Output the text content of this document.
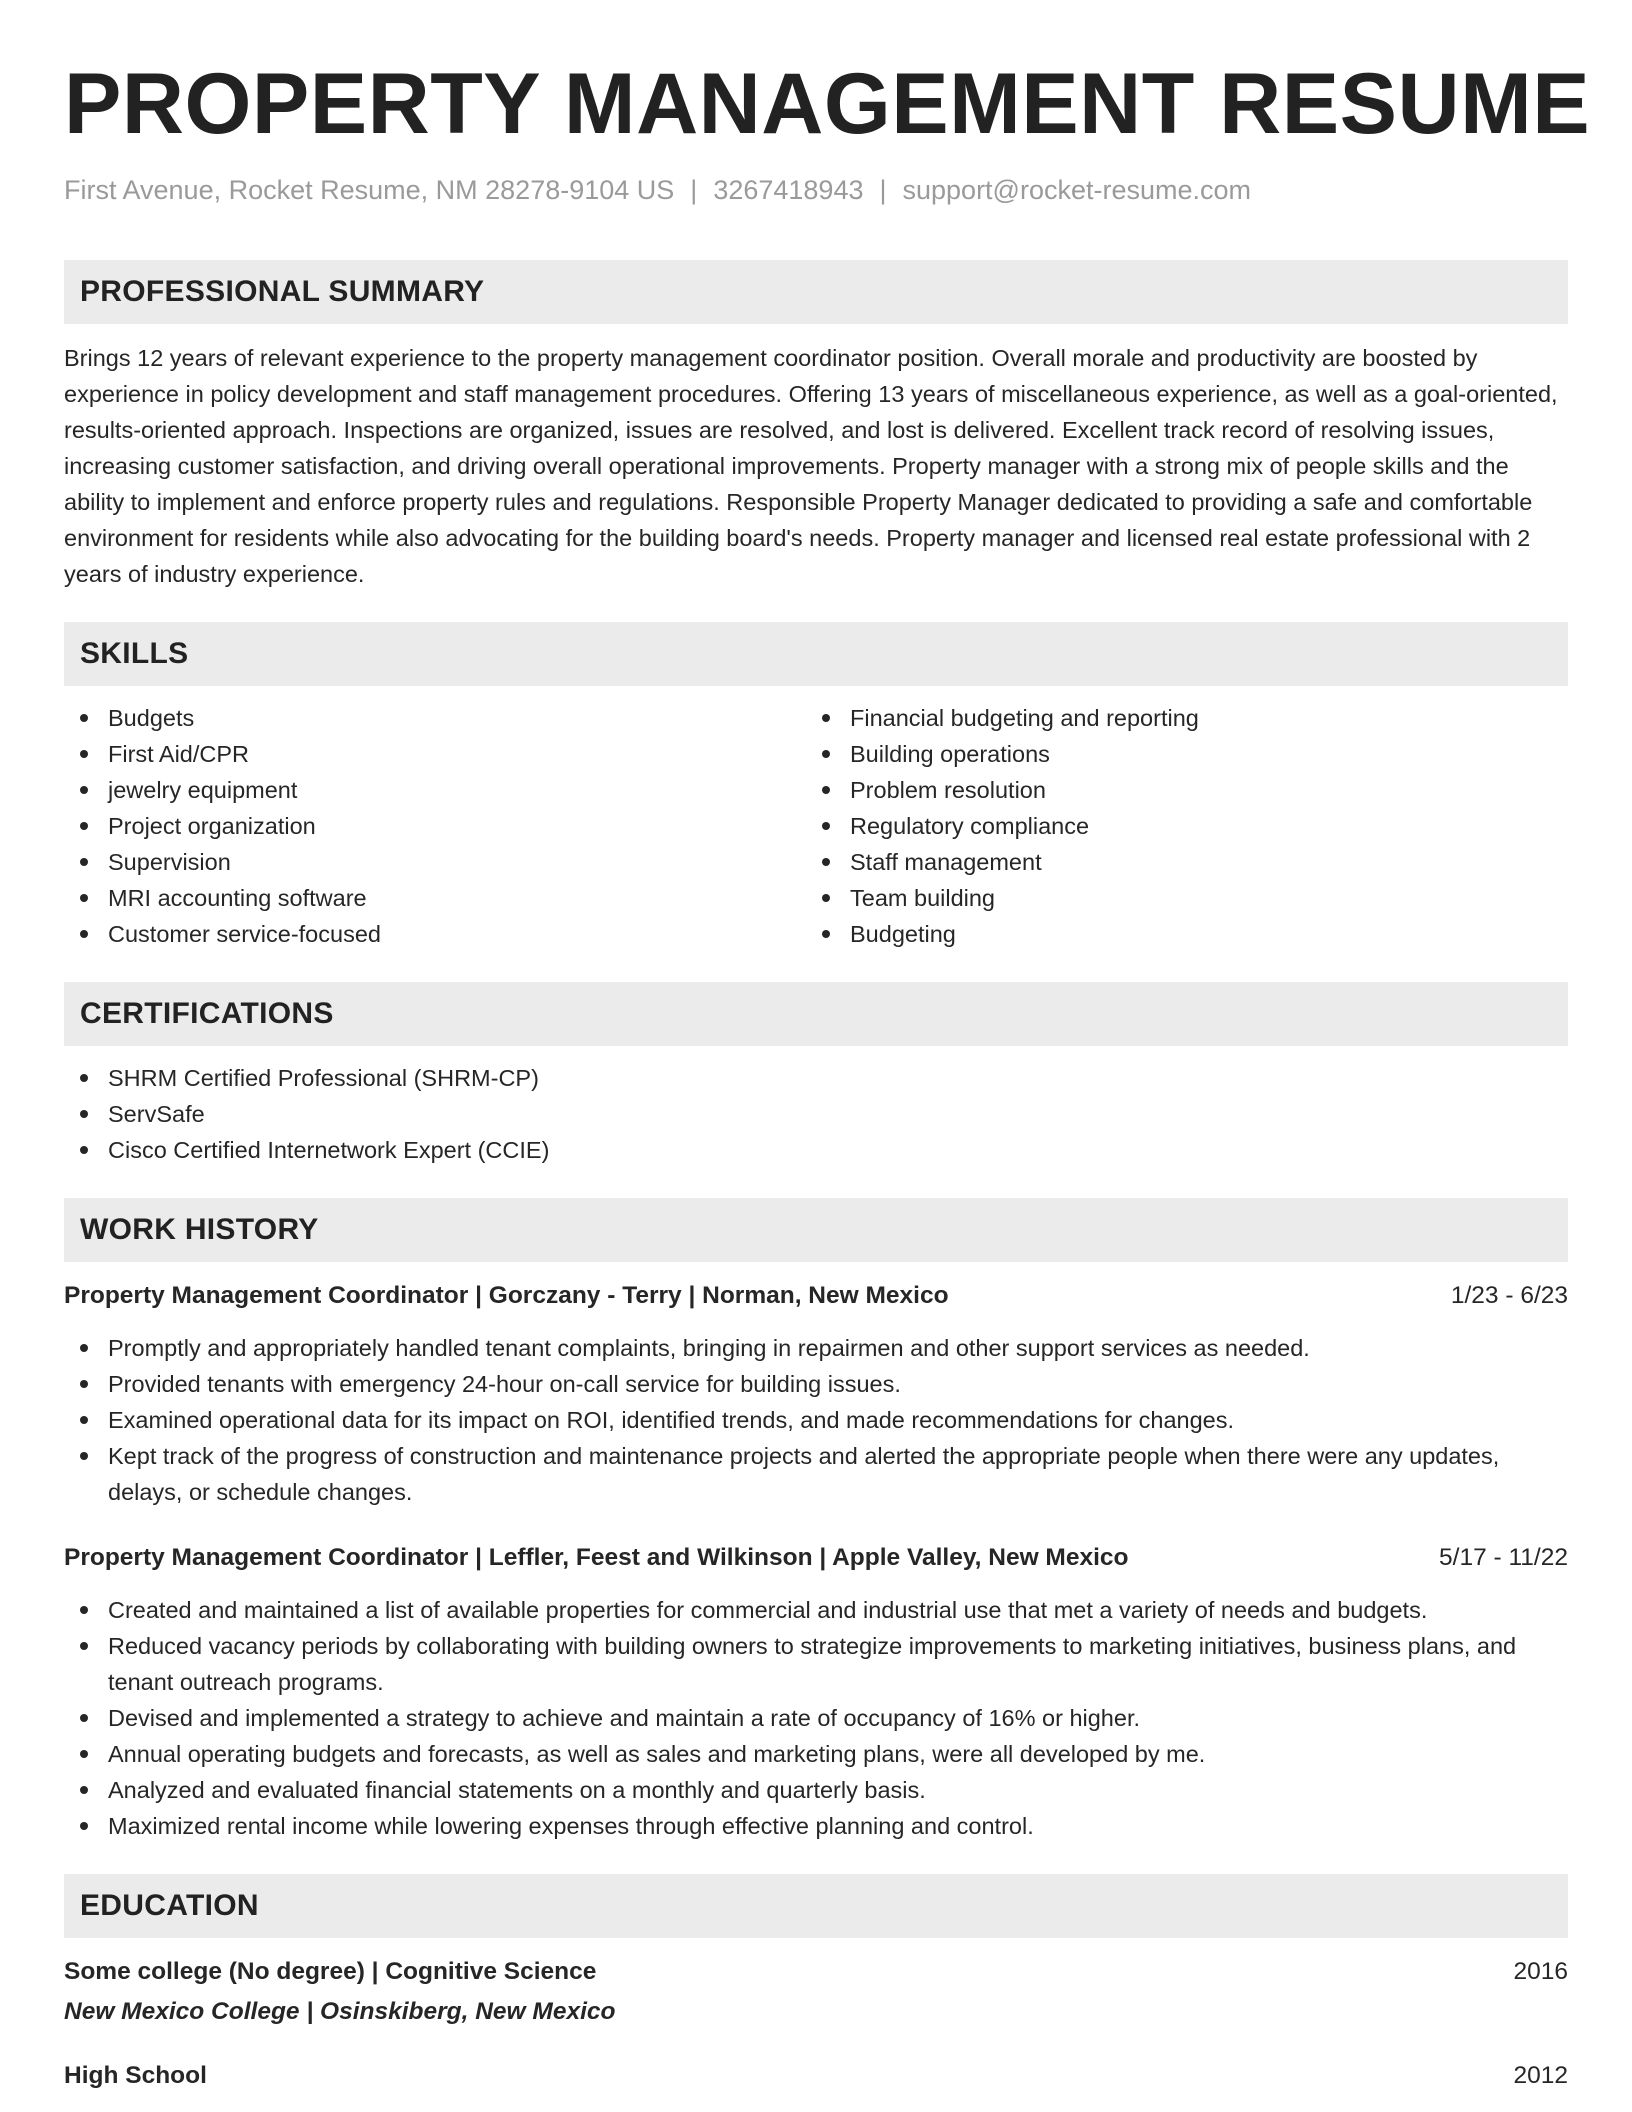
PROPERTY MANAGEMENT RESUME
First Avenue, Rocket Resume, NM 28278-9104 US | 3267418943 | support@rocket-resume.com
PROFESSIONAL SUMMARY

Brings 12 years of relevant experience to the property management coordinator position. Overall morale and productivity are boosted by experience in policy development and staff management procedures. Offering 13 years of miscellaneous experience, as well as a goal-oriented, results-oriented approach. Inspections are organized, issues are resolved, and lost is delivered. Excellent track record of resolving issues, increasing customer satisfaction, and driving overall operational improvements. Property manager with a strong mix of people skills and the ability to implement and enforce property rules and regulations. Responsible Property Manager dedicated to providing a safe and comfortable environment for residents while also advocating for the building board's needs. Property manager and licensed real estate professional with 2 years of industry experience.

SKILLS
Budgets
First Aid/CPR
jewelry equipment
Project organization
Supervision
MRI accounting software
Customer service-focused
Financial budgeting and reporting
Building operations
Problem resolution
Regulatory compliance
Staff management
Team building
Budgeting
CERTIFICATIONS
SHRM Certified Professional (SHRM-CP)
ServSafe
Cisco Certified Internetwork Expert (CCIE)
WORK HISTORY
Property Management Coordinator | Gorczany - Terry | Norman, New Mexico	1/23 - 6/23
Promptly and appropriately handled tenant complaints, bringing in repairmen and other support services as needed.
Provided tenants with emergency 24-hour on-call service for building issues.
Examined operational data for its impact on ROI, identified trends, and made recommendations for changes.
Kept track of the progress of construction and maintenance projects and alerted the appropriate people when there were any updates, delays, or schedule changes.
Property Management Coordinator | Leffler, Feest and Wilkinson | Apple Valley, New Mexico	5/17 - 11/22
Created and maintained a list of available properties for commercial and industrial use that met a variety of needs and budgets.
Reduced vacancy periods by collaborating with building owners to strategize improvements to marketing initiatives, business plans, and tenant outreach programs.
Devised and implemented a strategy to achieve and maintain a rate of occupancy of 16% or higher.
Annual operating budgets and forecasts, as well as sales and marketing plans, were all developed by me.
Analyzed and evaluated financial statements on a monthly and quarterly basis.
Maximized rental income while lowering expenses through effective planning and control.
EDUCATION
Some college (No degree) | Cognitive Science	2016
New Mexico College | Osinskiberg, New Mexico
High School	2012
